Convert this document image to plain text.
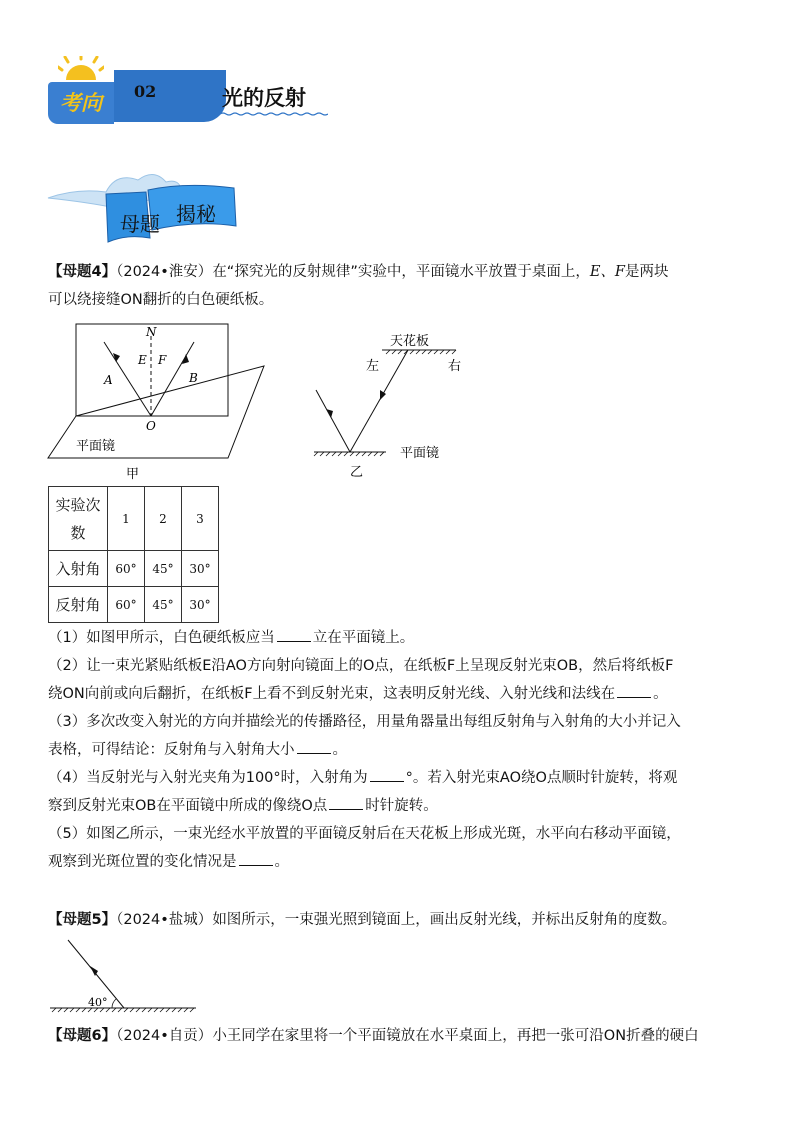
考向	02	光的反射
母题 揭秘
【母题4】（2024•淮安）在“探究光的反射规律”实验中，平面镜水平放置于桌面上，E、F是两块
可以绕接缝ON翻折的白色硬纸板。
N
E F
A	B
O
平面镜
甲
天花板
左	右
平面镜
乙
实验次数	1	2	3
入射角	60°	45°	30°
反射角	60°	45°	30°
（1）如图甲所示，白色硬纸板应当	立在平面镜上。
（2）让一束光紧贴纸板E沿AO方向射向镜面上的O点，在纸板F上呈现反射光束OB，然后将纸板F
绕ON向前或向后翻折，在纸板F上看不到反射光束，这表明反射光线、入射光线和法线在	。
（3）多次改变入射光的方向并描绘光的传播路径，用量角器量出每组反射角与入射角的大小并记入
表格，可得结论：反射角与入射角大小	。
（4）当反射光与入射光夹角为100°时，入射角为	°。若入射光束AO绕O点顺时针旋转，将观
察到反射光束OB在平面镜中所成的像绕O点	时针旋转。
（5）如图乙所示，一束光经水平放置的平面镜反射后在天花板上形成光斑，水平向右移动平面镜，
观察到光斑位置的变化情况是	。
【母题5】（2024•盐城）如图所示，一束强光照到镜面上，画出反射光线，并标出反射角的度数。
40°
【母题6】（2024•自贡）小王同学在家里将一个平面镜放在水平桌面上，再把一张可沿ON折叠的硬白
